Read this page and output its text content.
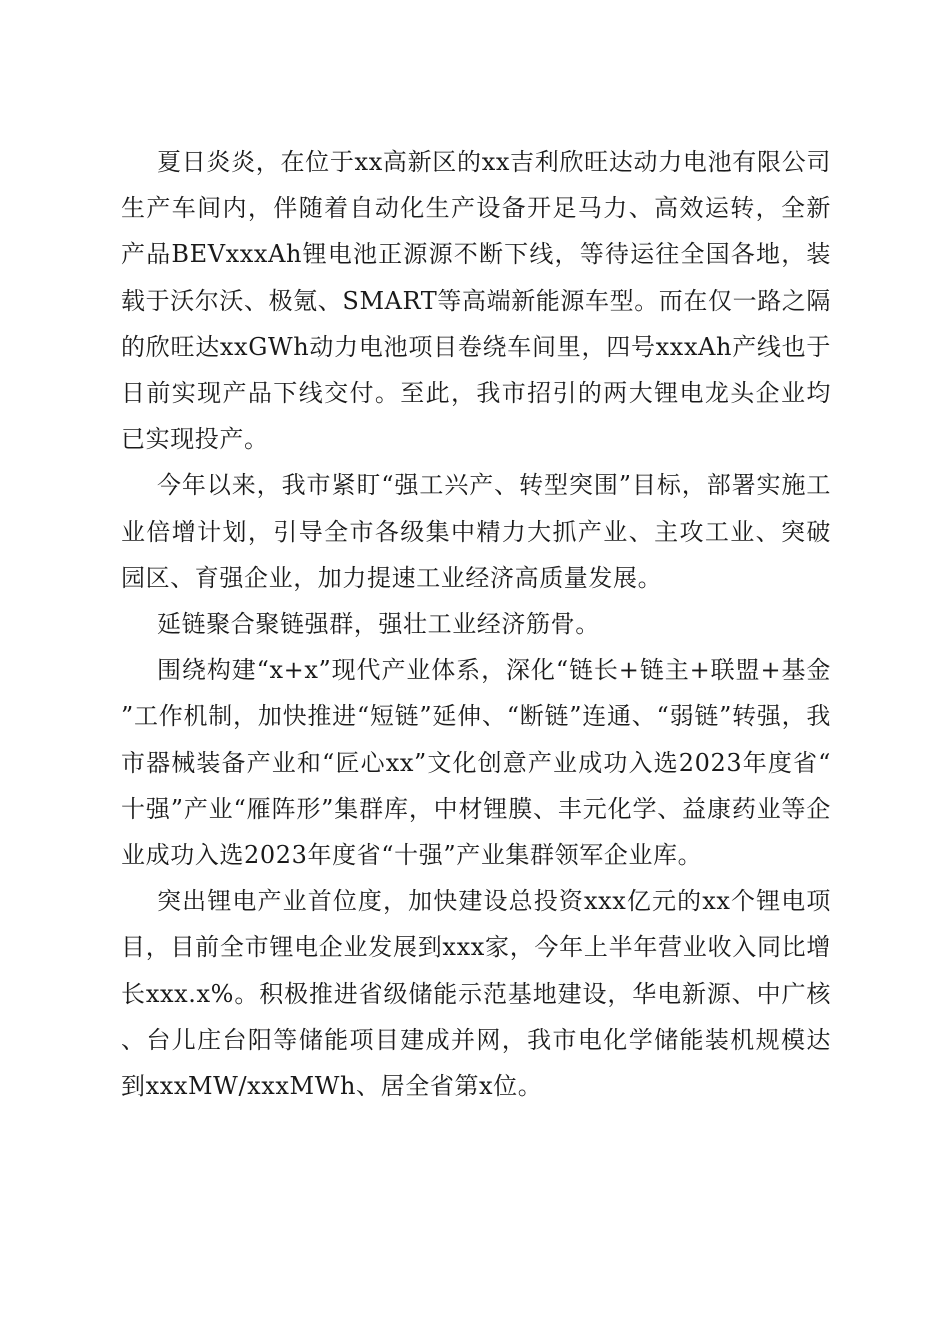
夏日炎炎，在位于xx高新区的xx吉利欣旺达动力电池有限公司生产车间内，伴随着自动化生产设备开足马力、高效运转，全新产品BEVxxxAh锂电池正源源不断下线，等待运往全国各地，装载于沃尔沃、极氪、SMART等高端新能源车型。而在仅一路之隔的欣旺达xxGWh动力电池项目卷绕车间里，四号xxxAh产线也于日前实现产品下线交付。至此，我市招引的两大锂电龙头企业均已实现投产。

今年以来，我市紧盯“强工兴产、转型突围”目标，部署实施工业倍增计划，引导全市各级集中精力大抓产业、主攻工业、突破园区、育强企业，加力提速工业经济高质量发展。

延链聚合聚链强群，强壮工业经济筋骨。

围绕构建“x+x”现代产业体系，深化“链长+链主+联盟+基金”工作机制，加快推进“短链”延伸、“断链”连通、“弱链”转强，我市器械装备产业和“匠心xx”文化创意产业成功入选2023年度省“十强”产业“雁阵形”集群库，中材锂膜、丰元化学、益康药业等企业成功入选2023年度省“十强”产业集群领军企业库。

突出锂电产业首位度，加快建设总投资xxx亿元的xx个锂电项目，目前全市锂电企业发展到xxx家，今年上半年营业收入同比增长xxx.x%。积极推进省级储能示范基地建设，华电新源、中广核、台儿庄台阳等储能项目建成并网，我市电化学储能装机规模达到xxxMW/xxxMWh、居全省第x位。
